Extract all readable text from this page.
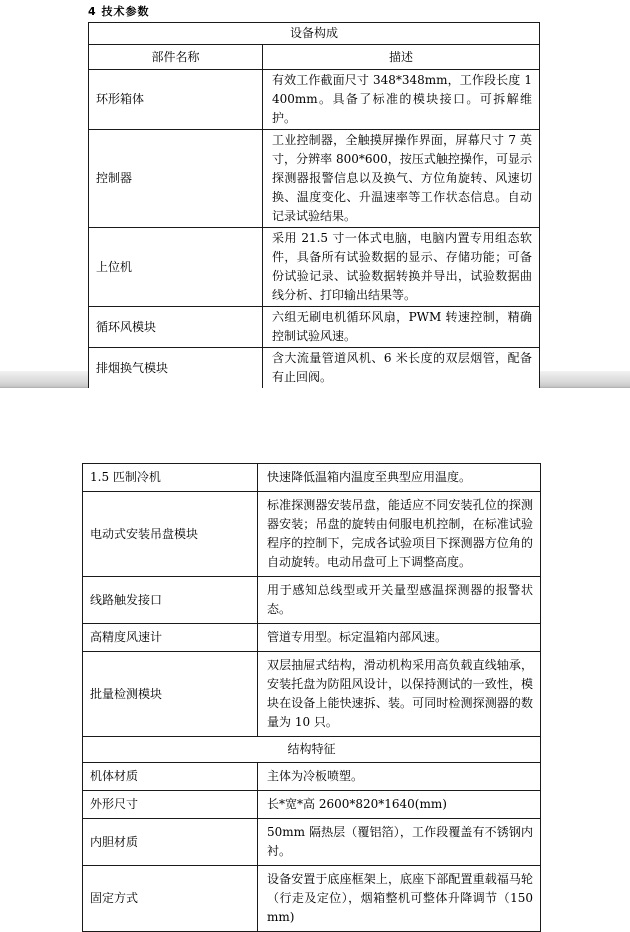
4 技术参数
设备构成	
部件名称	描述
环形箱体	有效工作截面尺寸 348*348mm，工作段长度 1400mm。具备了标准的模块接口。可拆解维护。
控制器	工业控制器，全触摸屏操作界面，屏幕尺寸 7 英寸，分辨率 800*600，按压式触控操作，可显示探测器报警信息以及换气、方位角旋转、风速切换、温度变化、升温速率等工作状态信息。自动记录试验结果。
上位机	采用 21.5 寸一体式电脑，电脑内置专用组态软件，具备所有试验数据的显示、存储功能；可备份试验记录、试验数据转换并导出，试验数据曲线分析、打印输出结果等。
循环风模块	六组无刷电机循环风扇，PWM 转速控制，精确控制试验风速。
排烟换气模块	含大流量管道风机、6 米长度的双层烟管，配备有止回阀。

1.5 匹制冷机	快速降低温箱内温度至典型应用温度。
电动式安装吊盘模块	标准探测器安装吊盘，能适应不同安装孔位的探测器安装；吊盘的旋转由伺服电机控制，在标准试验程序的控制下，完成各试验项目下探测器方位角的自动旋转。电动吊盘可上下调整高度。
线路触发接口	用于感知总线型或开关量型感温探测器的报警状态。
高精度风速计	管道专用型。标定温箱内部风速。
批量检测模块	双层抽屉式结构，滑动机构采用高负载直线轴承，安装托盘为防阻风设计，以保持测试的一致性，模块在设备上能快速拆、装。可同时检测探测器的数量为 10 只。
结构特征	
机体材质	主体为冷板喷塑。
外形尺寸	长*宽*高 2600*820*1640(mm)
内胆材质	50mm 隔热层（覆铝箔），工作段覆盖有不锈钢内衬。
固定方式	设备安置于底座框架上，底座下部配置重载福马轮（行走及定位），烟箱整机可整体升降调节（150mm)
